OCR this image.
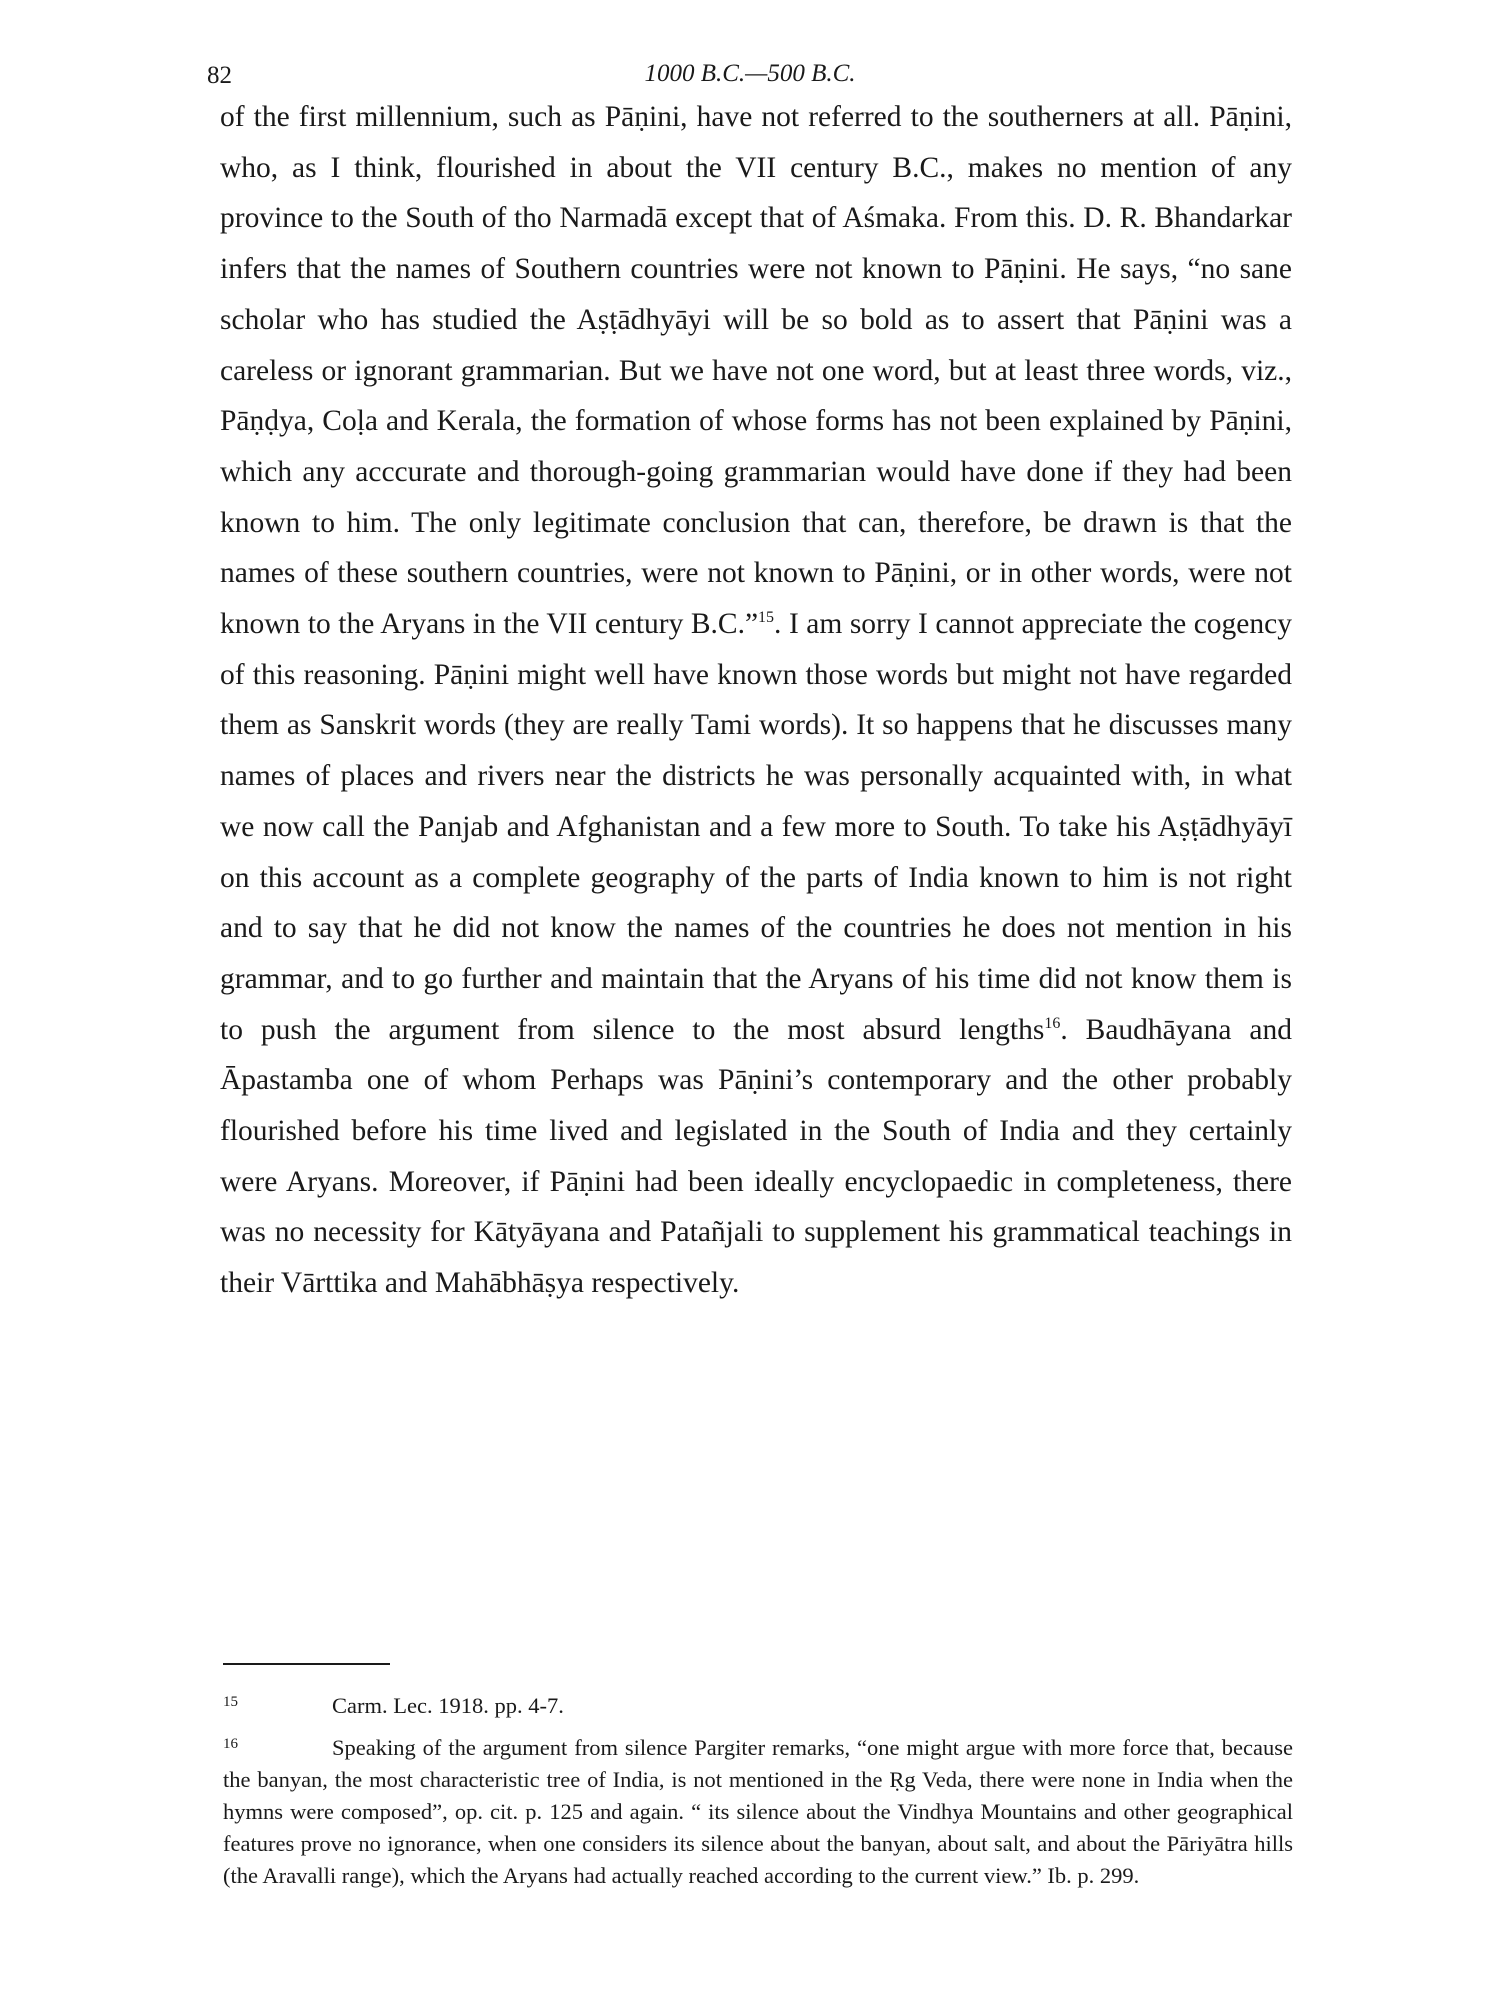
82	1000 B.C.—500 B.C.

of the first millennium, such as Pāṇini, have not referred to the southerners at all. Pāṇini, who, as I think, flourished in about the VII century B.C., makes no mention of any province to the South of tho Narmadā except that of Aśmaka. From this. D. R. Bhandarkar infers that the names of Southern countries were not known to Pāṇini. He says, “no sane scholar who has studied the Aṣṭādhyāyi will be so bold as to assert that Pāṇini was a careless or ignorant grammarian. But we have not one word, but at least three words, viz., Pāṇḍya, Coḷa and Kerala, the formation of whose forms has not been explained by Pāṇini, which any acccurate and thorough-going grammarian would have done if they had been known to him. The only legitimate conclusion that can, therefore, be drawn is that the names of these southern countries, were not known to Pāṇini, or in other words, were not known to the Aryans in the VII century B.C.”$^{15}$. I am sorry I cannot appreciate the cogency of this reasoning. Pāṇini might well have known those words but might not have regarded them as Sanskrit words (they are really Tami words). It so happens that he discusses many names of places and rivers near the districts he was personally acquainted with, in what we now call the Panjab and Afghanistan and a few more to South. To take his Aṣṭādhyāyī on this account as a complete geography of the parts of India known to him is not right and to say that he did not know the names of the countries he does not mention in his grammar, and to go further and maintain that the Aryans of his time did not know them is to push the argument from silence to the most absurd lengths$^{16}$. Baudhāyana and Āpastamba one of whom Perhaps was Pāṇini’s contemporary and the other probably flourished before his time lived and legislated in the South of India and they certainly were Aryans. Moreover, if Pāṇini had been ideally encyclopaedic in completeness, there was no necessity for Kātyāyana and Patañjali to supplement his grammatical teachings in their Vārttika and Mahābhāṣya respectively.

15	Carm. Lec. 1918. pp. 4-7.
16	Speaking of the argument from silence Pargiter remarks, “one might argue with more force that, because the banyan, the most characteristic tree of India, is not mentioned in the Ṛg Veda, there were none in India when the hymns were composed”, op. cit. p. 125 and again. “ its silence about the Vindhya Mountains and other geographical features prove no ignorance, when one considers its silence about the banyan, about salt, and about the Pāriyātra hills (the Aravalli range), which the Aryans had actually reached according to the current view.” Ib. p. 299.
